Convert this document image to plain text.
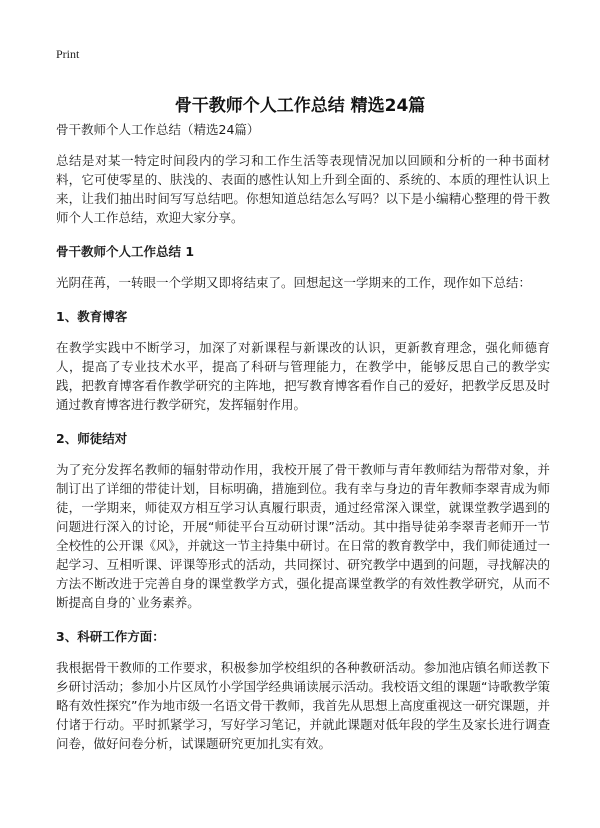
Print
骨干教师个人工作总结 精选24篇

骨干教师个人工作总结（精选24篇）

总结是对某一特定时间段内的学习和工作生活等表现情况加以回顾和分析的一种书面材料，它可使零星的、肤浅的、表面的感性认知上升到全面的、系统的、本质的理性认识上来，让我们抽出时间写写总结吧。你想知道总结怎么写吗？以下是小编精心整理的骨干教师个人工作总结，欢迎大家分享。

骨干教师个人工作总结 1

光阴荏苒，一转眼一个学期又即将结束了。回想起这一学期来的工作，现作如下总结：

1、教育博客

在教学实践中不断学习，加深了对新课程与新课改的认识，更新教育理念，强化师德育人，提高了专业技术水平，提高了科研与管理能力，在教学中，能够反思自己的教学实践，把教育博客看作教学研究的主阵地，把写教育博客看作自己的爱好，把教学反思及时通过教育博客进行教学研究，发挥辐射作用。

2、师徒结对

为了充分发挥名教师的辐射带动作用，我校开展了骨干教师与青年教师结为帮带对象，并制订出了详细的带徒计划，目标明确，措施到位。我有幸与身边的青年教师李翠青成为师徒，一学期来，师徒双方相互学习认真履行职责，通过经常深入课堂，就课堂教学遇到的问题进行深入的讨论，开展“师徒平台互动研讨课”活动。其中指导徒弟李翠青老师开一节全校性的公开课《风》，并就这一节主持集中研讨。在日常的教育教学中，我们师徒通过一起学习、互相听课、评课等形式的活动，共同探讨、研究教学中遇到的问题，寻找解决的方法不断改进于完善自身的课堂教学方式，强化提高课堂教学的有效性教学研究，从而不断提高自身的`业务素养。

3、科研工作方面：

我根据骨干教师的工作要求，积极参加学校组织的各种教研活动。参加池店镇名师送教下乡研讨活动；参加小片区凤竹小学国学经典诵读展示活动。我校语文组的课题“诗歌教学策略有效性探究”作为地市级一名语文骨干教师，我首先从思想上高度重视这一研究课题，并付诸于行动。平时抓紧学习，写好学习笔记，并就此课题对低年段的学生及家长进行调查问卷，做好问卷分析，试课题研究更加扎实有效。
